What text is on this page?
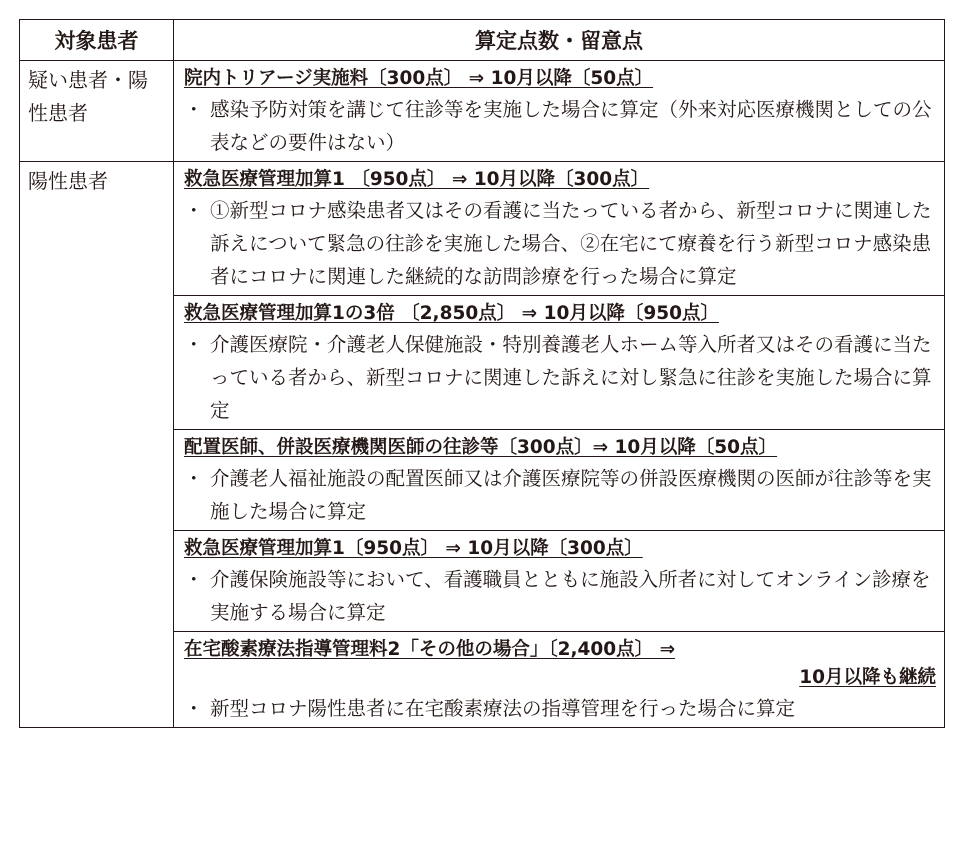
対象患者	算定点数・留意点
疑い患者・陽性患者	院内トリアージ実施料〔300点〕 ⇒ 10月以降〔50点〕
・ 感染予防対策を講じて往診等を実施した場合に算定（外来対応医療機関としての公表などの要件はない）

陽性患者	救急医療管理加算1 〔950点〕 ⇒ 10月以降〔300点〕
・ ①新型コロナ感染患者又はその看護に当たっている者から、新型コロナに関連した訴えについて緊急の往診を実施した場合、②在宅にて療養を行う新型コロナ感染患者にコロナに関連した継続的な訪問診療を行った場合に算定

	救急医療管理加算1の3倍 〔2,850点〕 ⇒ 10月以降〔950点〕
・ 介護医療院・介護老人保健施設・特別養護老人ホーム等入所者又はその看護に当たっている者から、新型コロナに関連した訴えに対し緊急に往診を実施した場合に算定

	配置医師、併設医療機関医師の往診等〔300点〕⇒ 10月以降〔50点〕
・ 介護老人福祉施設の配置医師又は介護医療院等の併設医療機関の医師が往診等を実施した場合に算定

	救急医療管理加算1〔950点〕 ⇒ 10月以降〔300点〕
・ 介護保険施設等において、看護職員とともに施設入所者に対してオンライン診療を実施する場合に算定

	在宅酸素療法指導管理料2「その他の場合」〔2,400点〕 ⇒
10月以降も継続
・ 新型コロナ陽性患者に在宅酸素療法の指導管理を行った場合に算定
